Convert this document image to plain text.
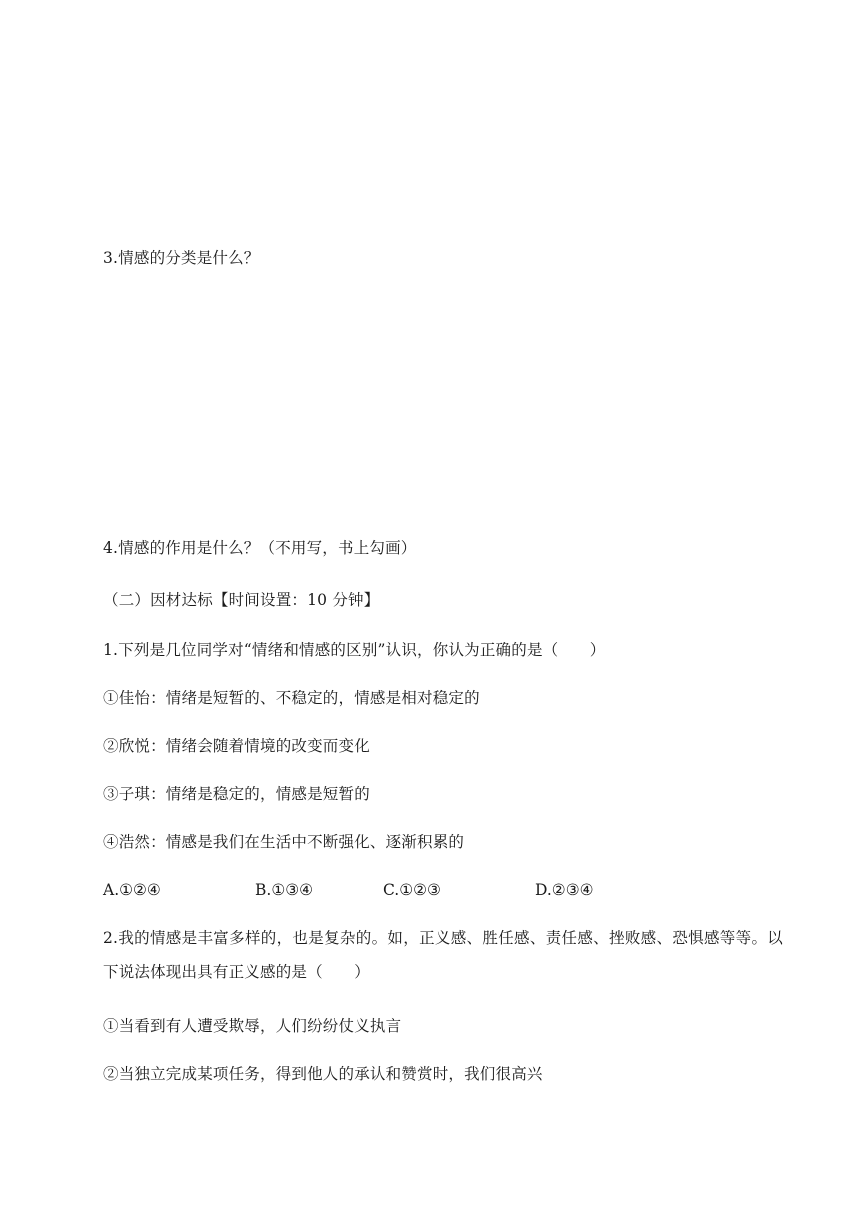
3.情感的分类是什么？
4.情感的作用是什么？（不用写，书上勾画）
（二）因材达标【时间设置：10 分钟】
1.下列是几位同学对“情绪和情感的区别”认识，你认为正确的是（　　）
①佳怡：情绪是短暂的、不稳定的，情感是相对稳定的
②欣悦：情绪会随着情境的改变而变化
③子琪：情绪是稳定的，情感是短暂的
④浩然：情感是我们在生活中不断强化、逐渐积累的
A.①②④	B.①③④	C.①②③	D.②③④
2.我的情感是丰富多样的，也是复杂的。如，正义感、胜任感、责任感、挫败感、恐惧感等等。以下说法体现出具有正义感的是（　　）
①当看到有人遭受欺辱，人们纷纷仗义执言
②当独立完成某项任务，得到他人的承认和赞赏时，我们很高兴
